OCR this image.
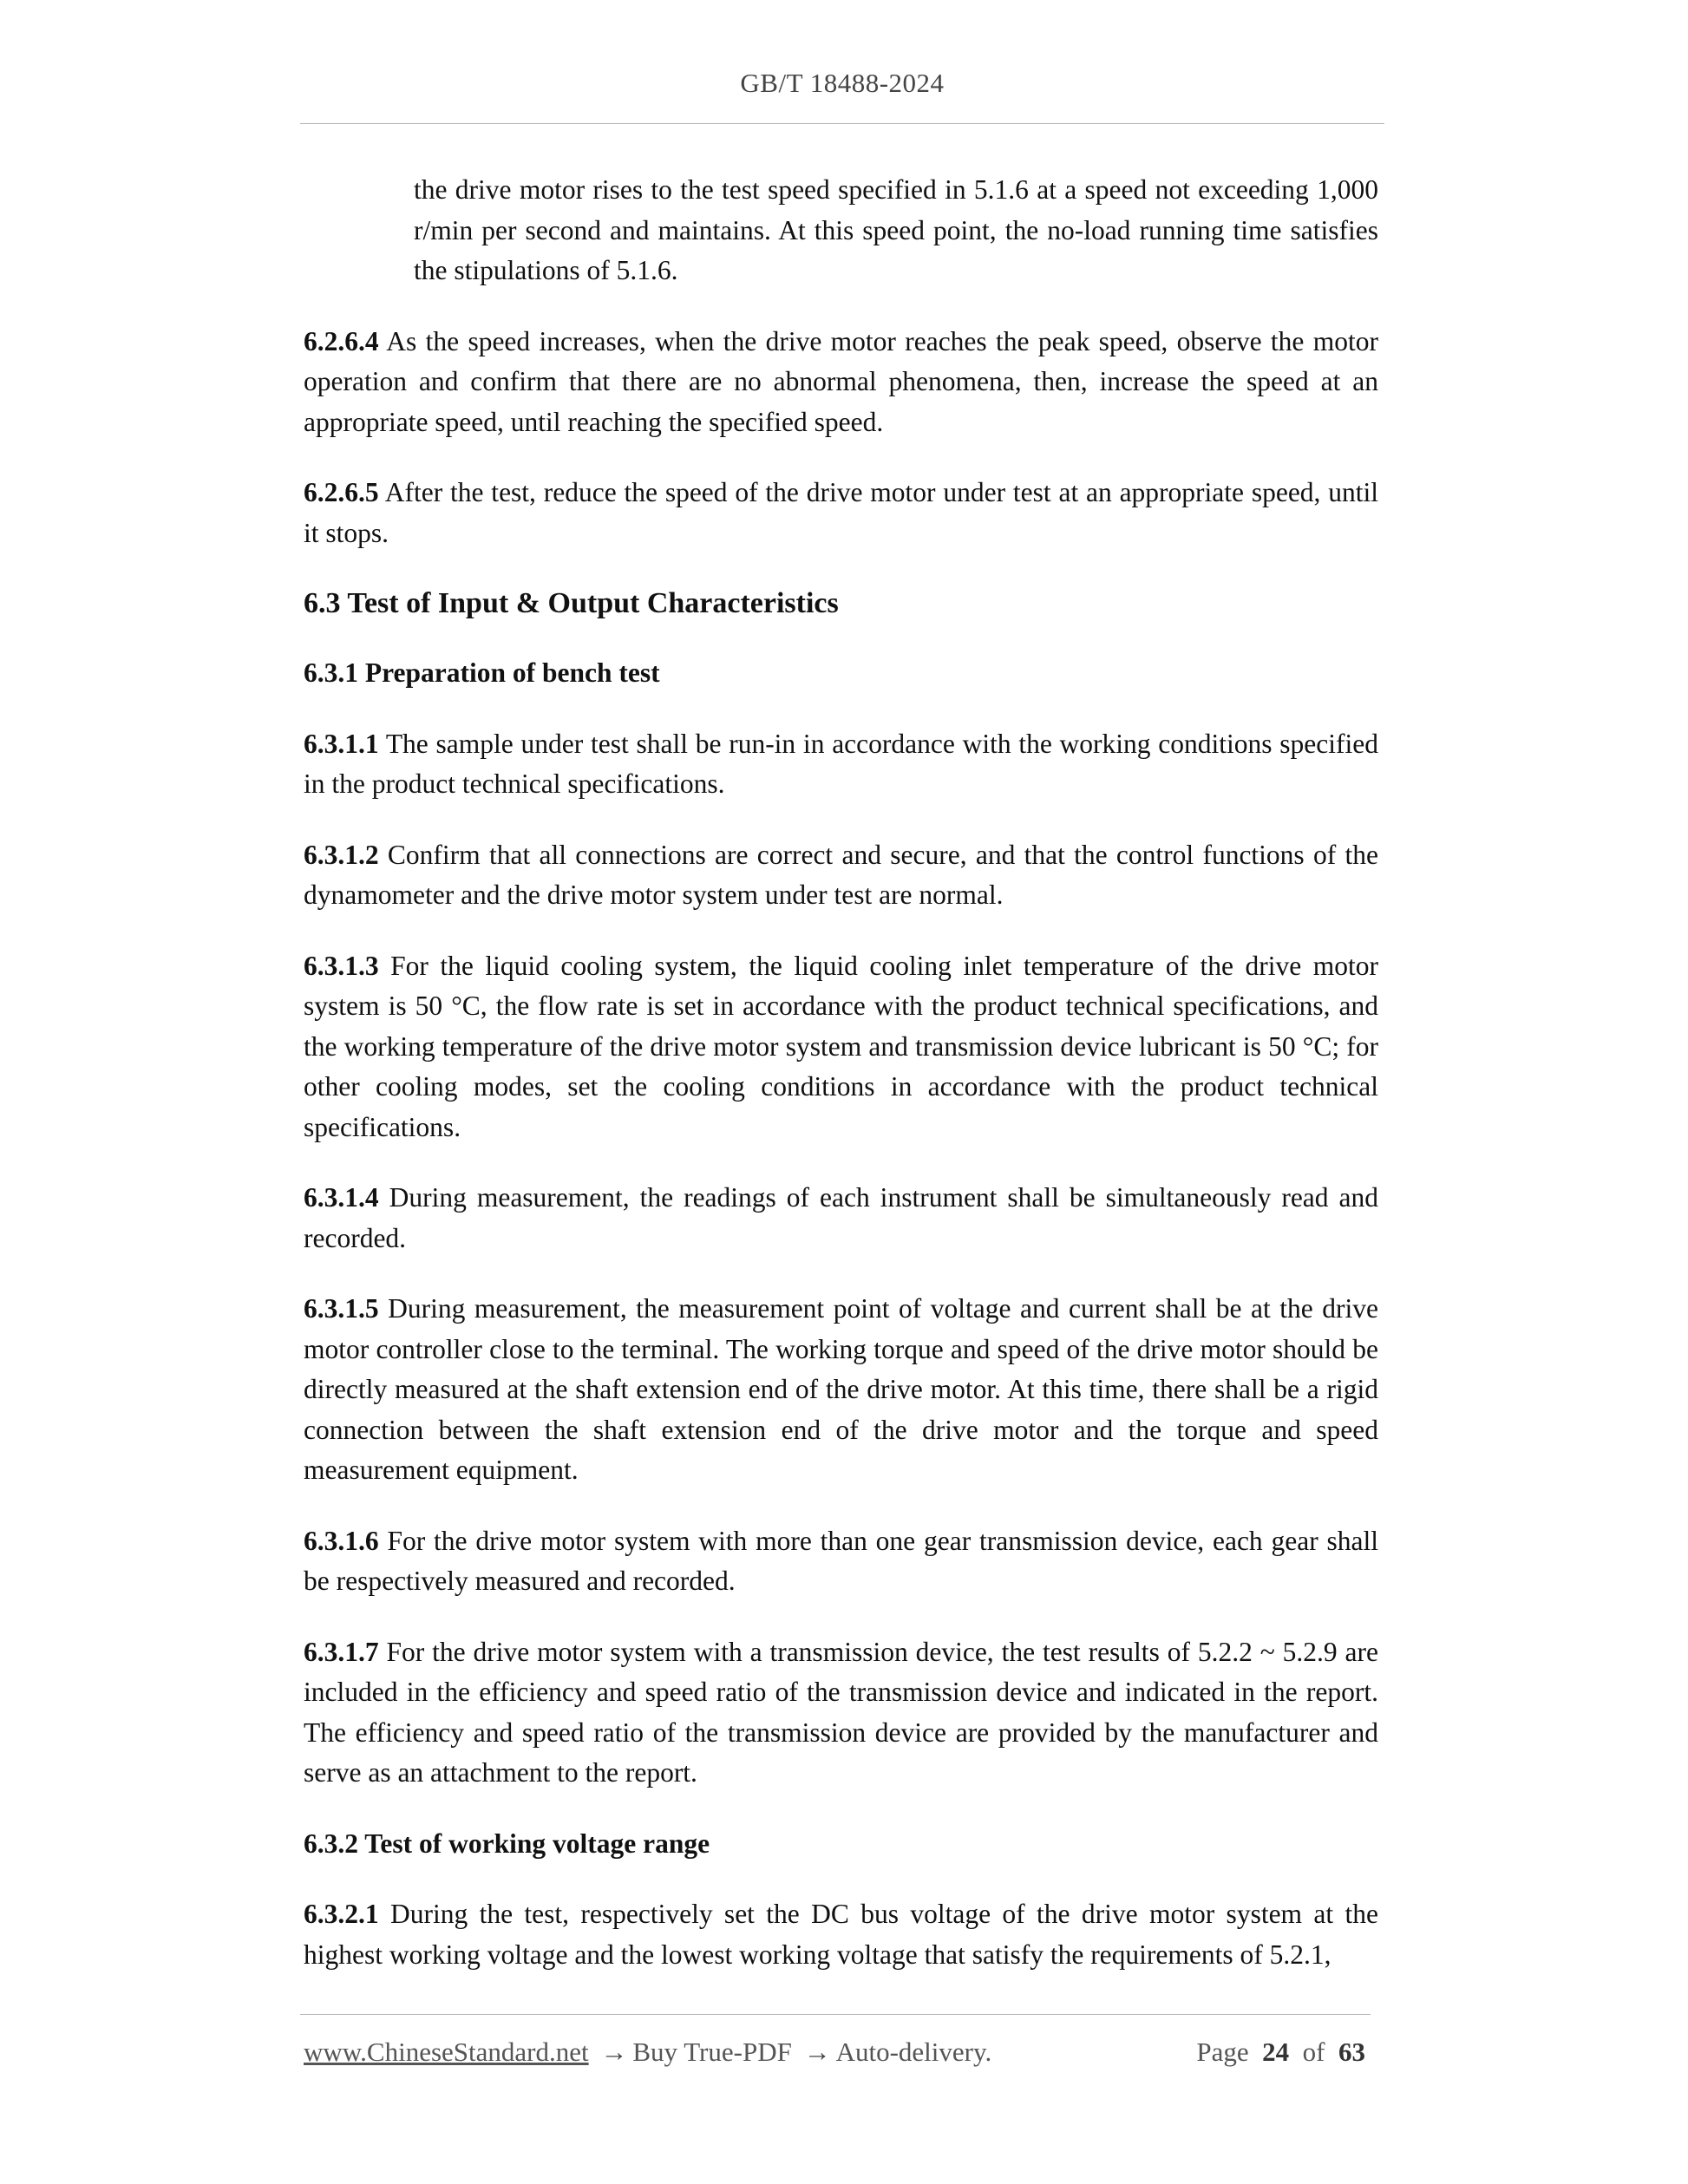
GB/T 18488-2024

the drive motor rises to the test speed specified in 5.1.6 at a speed not exceeding 1,000 r/min per second and maintains. At this speed point, the no-load running time satisfies the stipulations of 5.1.6.

6.2.6.4 As the speed increases, when the drive motor reaches the peak speed, observe the motor operation and confirm that there are no abnormal phenomena, then, increase the speed at an appropriate speed, until reaching the specified speed.

6.2.6.5 After the test, reduce the speed of the drive motor under test at an appropriate speed, until it stops.

6.3 Test of Input & Output Characteristics
6.3.1 Preparation of bench test

6.3.1.1 The sample under test shall be run-in in accordance with the working conditions specified in the product technical specifications.

6.3.1.2 Confirm that all connections are correct and secure, and that the control functions of the dynamometer and the drive motor system under test are normal.

6.3.1.3 For the liquid cooling system, the liquid cooling inlet temperature of the drive motor system is 50 °C, the flow rate is set in accordance with the product technical specifications, and the working temperature of the drive motor system and transmission device lubricant is 50 °C; for other cooling modes, set the cooling conditions in accordance with the product technical specifications.

6.3.1.4 During measurement, the readings of each instrument shall be simultaneously read and recorded.

6.3.1.5 During measurement, the measurement point of voltage and current shall be at the drive motor controller close to the terminal. The working torque and speed of the drive motor should be directly measured at the shaft extension end of the drive motor. At this time, there shall be a rigid connection between the shaft extension end of the drive motor and the torque and speed measurement equipment.

6.3.1.6 For the drive motor system with more than one gear transmission device, each gear shall be respectively measured and recorded.

6.3.1.7 For the drive motor system with a transmission device, the test results of 5.2.2 ~ 5.2.9 are included in the efficiency and speed ratio of the transmission device and indicated in the report. The efficiency and speed ratio of the transmission device are provided by the manufacturer and serve as an attachment to the report.

6.3.2 Test of working voltage range

6.3.2.1 During the test, respectively set the DC bus voltage of the drive motor system at the highest working voltage and the lowest working voltage that satisfy the requirements of 5.2.1,

www.ChineseStandard.net → Buy True-PDF → Auto-delivery.	Page 24 of 63
